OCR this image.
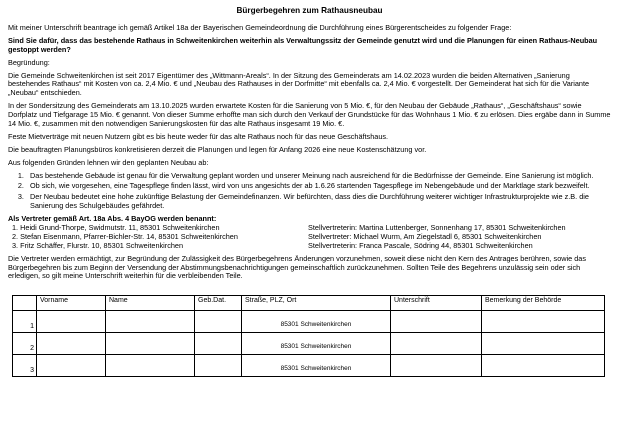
Bürgerbegehren zum Rathausneubau

Mit meiner Unterschrift beantrage ich gemäß Artikel 18a der Bayerischen Gemeindeordnung die Durchführung eines Bürgerentscheides zu folgender Frage:

Sind Sie dafür, dass das bestehende Rathaus in Schweitenkirchen weiterhin als Verwaltungssitz der Gemeinde genutzt wird und die Planungen für einen Rathaus-Neubau gestoppt werden?

Begründung:

Die Gemeinde Schweitenkirchen ist seit 2017 Eigentümer des „Wittmann-Areals“. In der Sitzung des Gemeinderats am 14.02.2023 wurden die beiden Alternativen „Sanierung bestehendes Rathaus“ mit Kosten von ca. 2,4 Mio. € und „Neubau des Rathauses in der Dorfmitte“ mit ebenfalls ca. 2,4 Mio. € vorgestellt. Der Gemeinderat hat sich für die Variante „Neubau“ entschieden.

In der Sondersitzung des Gemeinderats am 13.10.2025 wurden erwartete Kosten für die Sanierung von 5 Mio. €, für den Neubau der Gebäude „Rathaus“, „Geschäftshaus“ sowie Dorfplatz und Tiefgarage 15 Mio. € genannt. Von dieser Summe erhoffte man sich durch den Verkauf der Grundstücke für das Wohnhaus 1 Mio. € zu erlösen. Dies ergäbe dann in Summe 14 Mio. €, zusammen mit den notwendigen Sanierungskosten für das alte Rathaus insgesamt 19 Mio. €.

Feste Mietverträge mit neuen Nutzern gibt es bis heute weder für das alte Rathaus noch für das neue Geschäftshaus.

Die beauftragten Planungsbüros konkretisieren derzeit die Planungen und legen für Anfang 2026 eine neue Kostenschätzung vor.

Aus folgenden Gründen lehnen wir den geplanten Neubau ab:

1. Das bestehende Gebäude ist genau für die Verwaltung geplant worden und unserer Meinung nach ausreichend für die Bedürfnisse der Gemeinde. Eine Sanierung ist möglich.
2. Ob sich, wie vorgesehen, eine Tagespflege finden lässt, wird von uns angesichts der ab 1.6.26 startenden Tagespflege im Nebengebäude und der Marktlage stark bezweifelt.
3. Der Neubau bedeutet eine hohe zukünftige Belastung der Gemeindefinanzen. Wir befürchten, dass dies die Durchführung weiterer wichtiger Infrastrukturprojekte wie z.B. die Sanierung des Schulgebäudes gefährdet.
Als Vertreter gemäß Art. 18a Abs. 4 BayOG werden benannt:
1. Heidi Grund-Thorpe, Swidmutstr. 11, 85301 Schweitenkirchen
2. Stefan Eisenmann, Pfarrer-Bichler-Str. 14, 85301 Schweitenkirchen
3. Fritz Schäffer, Flurstr. 10, 85301 Schweitenkirchen
Stellvertreterin: Martina Luttenberger, Sonnenhang 17, 85301 Schweitenkirchen
Stellvertreter: Michael Wurm, Am Ziegelstadl 6, 85301 Schweitenkirchen
Stellvertreterin: Franca Pascale, Södring 44, 85301 Schweitenkirchen

Die Vertreter werden ermächtigt, zur Begründung der Zulässigkeit des Bürgerbegehrens Änderungen vorzunehmen, soweit diese nicht den Kern des Antrages berühren, sowie das Bürgerbegehren bis zum Beginn der Versendung der Abstimmungsbenachrichtigungen gemeinschaftlich zurückzunehmen. Sollten Teile des Begehrens unzulässig sein oder sich erledigen, so gilt meine Unterschrift weiterhin für die verbleibenden Teile.

	Vorname	Name	Geb.Dat.	Straße, PLZ, Ort	Unterschrift	Bemerkung der Behörde
1				85301 Schweitenkirchen		
2				85301 Schweitenkirchen		
3				85301 Schweitenkirchen		
